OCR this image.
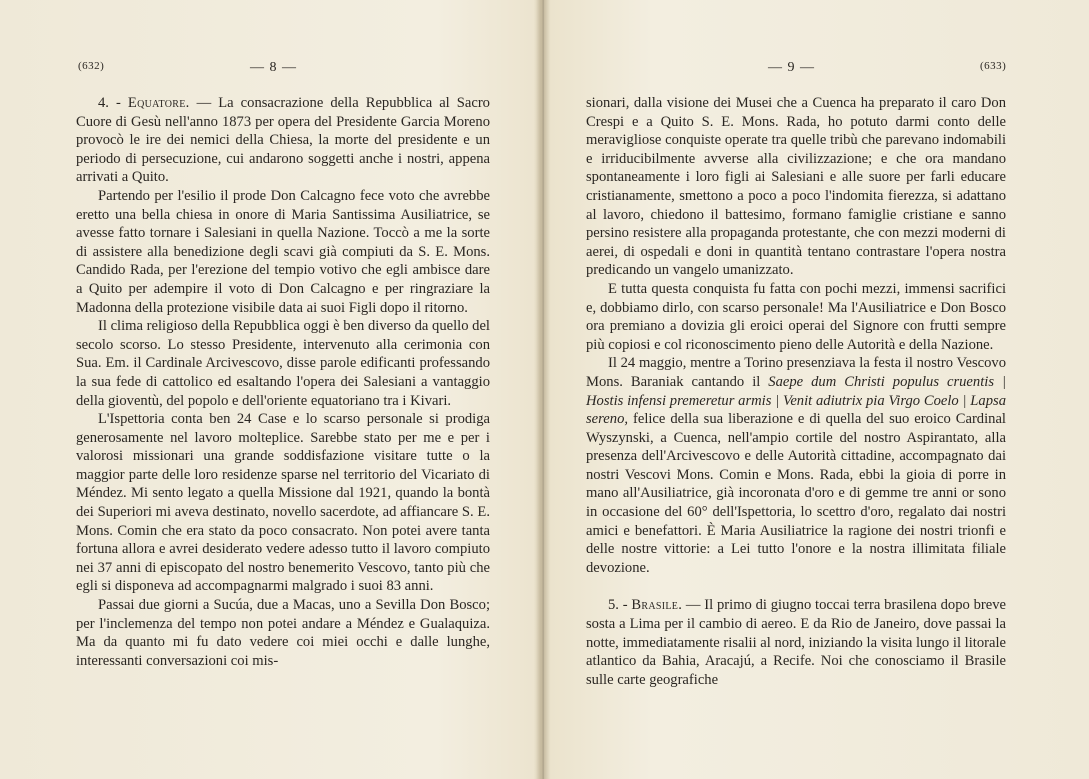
(632)	— 8 —

4. - Equatore. — La consacrazione della Repubblica al Sacro Cuore di Gesù nell'anno 1873 per opera del Presidente Garcia Moreno provocò le ire dei nemici della Chiesa, la morte del presidente e un periodo di persecuzione, cui andarono soggetti anche i nostri, appena arrivati a Quito.

Partendo per l'esilio il prode Don Calcagno fece voto che avrebbe eretto una bella chiesa in onore di Maria Santissima Ausiliatrice, se avesse fatto tornare i Salesiani in quella Nazione. Toccò a me la sorte di assistere alla benedizione degli scavi già compiuti da S. E. Mons. Candido Rada, per l'erezione del tempio votivo che egli ambisce dare a Quito per adempire il voto di Don Calcagno e per ringraziare la Madonna della protezione visibile data ai suoi Figli dopo il ritorno.

Il clima religioso della Repubblica oggi è ben diverso da quello del secolo scorso. Lo stesso Presidente, intervenuto alla cerimonia con Sua. Em. il Cardinale Arcivescovo, disse parole edificanti professando la sua fede di cattolico ed esaltando l'opera dei Salesiani a vantaggio della gioventù, del popolo e dell'oriente equatoriano tra i Kivari.

L'Ispettoria conta ben 24 Case e lo scarso personale si prodiga generosamente nel lavoro molteplice. Sarebbe stato per me e per i valorosi missionari una grande soddisfazione visitare tutte o la maggior parte delle loro residenze sparse nel territorio del Vicariato di Méndez. Mi sento legato a quella Missione dal 1921, quando la bontà dei Superiori mi aveva destinato, novello sacerdote, ad affiancare S. E. Mons. Comin che era stato da poco consacrato. Non potei avere tanta fortuna allora e avrei desiderato vedere adesso tutto il lavoro compiuto nei 37 anni di episcopato del nostro benemerito Vescovo, tanto più che egli si disponeva ad accompagnarmi malgrado i suoi 83 anni.

Passai due giorni a Sucúa, due a Macas, uno a Sevilla Don Bosco; per l'inclemenza del tempo non potei andare a Méndez e Gualaquiza. Ma da quanto mi fu dato vedere coi miei occhi e dalle lunghe, interessanti conversazioni coi mis-

— 9 —	(633)

sionari, dalla visione dei Musei che a Cuenca ha preparato il caro Don Crespi e a Quito S. E. Mons. Rada, ho potuto darmi conto delle meravigliose conquiste operate tra quelle tribù che parevano indomabili e irriducibilmente avverse alla civilizzazione; e che ora mandano spontaneamente i loro figli ai Salesiani e alle suore per farli educare cristianamente, smettono a poco a poco l'indomita fierezza, si adattano al lavoro, chiedono il battesimo, formano famiglie cristiane e sanno persino resistere alla propaganda protestante, che con mezzi moderni di aerei, di ospedali e doni in quantità tentano contrastare l'opera nostra predicando un vangelo umanizzato.

E tutta questa conquista fu fatta con pochi mezzi, immensi sacrifici e, dobbiamo dirlo, con scarso personale! Ma l'Ausiliatrice e Don Bosco ora premiano a dovizia gli eroici operai del Signore con frutti sempre più copiosi e col riconoscimento pieno delle Autorità e della Nazione.

Il 24 maggio, mentre a Torino presenziava la festa il nostro Vescovo Mons. Baraniak cantando il Saepe dum Christi populus cruentis | Hostis infensi premeretur armis | Venit adiutrix pia Virgo Coelo | Lapsa sereno, felice della sua liberazione e di quella del suo eroico Cardinal Wyszynski, a Cuenca, nell'ampio cortile del nostro Aspirantato, alla presenza dell'Arcivescovo e delle Autorità cittadine, accompagnato dai nostri Vescovi Mons. Comin e Mons. Rada, ebbi la gioia di porre in mano all'Ausiliatrice, già incoronata d'oro e di gemme tre anni or sono in occasione del 60° dell'Ispettoria, lo scettro d'oro, regalato dai nostri amici e benefattori. È Maria Ausiliatrice la ragione dei nostri trionfi e delle nostre vittorie: a Lei tutto l'onore e la nostra illimitata filiale devozione.

5. - Brasile. — Il primo di giugno toccai terra brasilena dopo breve sosta a Lima per il cambio di aereo. E da Rio de Janeiro, dove passai la notte, immediatamente risalii al nord, iniziando la visita lungo il litorale atlantico da Bahia, Aracajú, a Recife. Noi che conosciamo il Brasile sulle carte geografiche
